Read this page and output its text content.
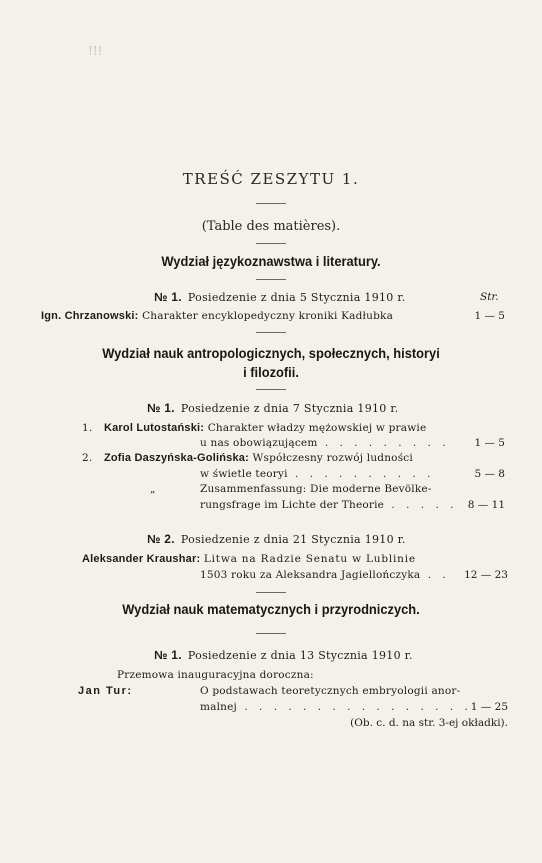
!!!
TREŚĆ ZESZYTU 1.
(Table des matières).
Wydział językoznawstwa i literatury.
№ 1. Posiedzenie z dnia 5 Stycznia 1910 r.	Str.
Ign. Chrzanowski: Charakter encyklopedyczny kroniki Kadłubka	1 — 5
Wydział nauk antropologicznych, społecznych, historyi
i filozofii.
№ 1. Posiedzenie z dnia 7 Stycznia 1910 r.
1. Karol Lutostański: Charakter władzy mężowskiej w prawie
u nas obowiązującem . . . . . . . . . 1 — 5
2. Zofia Daszyńska-Golińska: Współczesny rozwój ludności
w świetle teoryi . . . . . . . . . .	5 — 8
„	Zusammenfassung: Die moderne Bevölke-
rungsfrage im Lichte der Theorie . . . . . 8 — 11
№ 2. Posiedzenie z dnia 21 Stycznia 1910 r.
Aleksander Kraushar: Litwa na Radzie Senatu w Lublinie
1503 roku za Aleksandra Jagiellończyka . . 12 — 23
Wydział nauk matematycznych i przyrodniczych.
№ 1. Posiedzenie z dnia 13 Stycznia 1910 r.
Przemowa inauguracyjna doroczna:
Jan Tur:	O podstawach teoretycznych embryologii anor-
malnej . . . . . . . . . . . . . . . .
1 — 25
(Ob. c. d. na str. 3-ej okładki).
